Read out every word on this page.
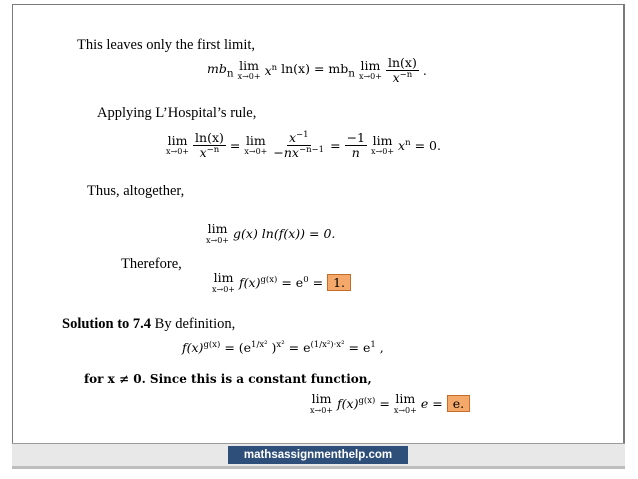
This leaves only the first limit,
$mb_n$
lim
$x\to 0+ x^n$ $\ln(x) = mb_n$
lim
$x\to 0+ \frac{\ln(x)}{x^{-n}}$ .
Applying L’Hospital’s rule,
lim
$x\to 0+ \frac{\ln(x)}{x^{-n}} = \lim$
$x\to 0+ \frac{x^{-1}}{-nx^{-n-1}} = \frac{-1}{n}$ lim
$x\to 0+ x^n = 0$.
Thus, altogether,
lim
x→0+ g(x) ln(f(x)) = 0.
Therefore,
lim
$x\to 0+ f(x)^{g(x)} = e^0 = 1$.
Solution to 7.4 By definition,
$f(x)^{g(x)} = (e^{1/x^2}$ )$^{x^2} = e^{(1/x^2)\cdot x^2} = e^1$ ,
for x ≠ 0. Since this is a constant function,
lim
$x\to 0+ f(x)^{g(x)} = \lim$
x→0+ e = e.
mathsassignmenthelp.com
